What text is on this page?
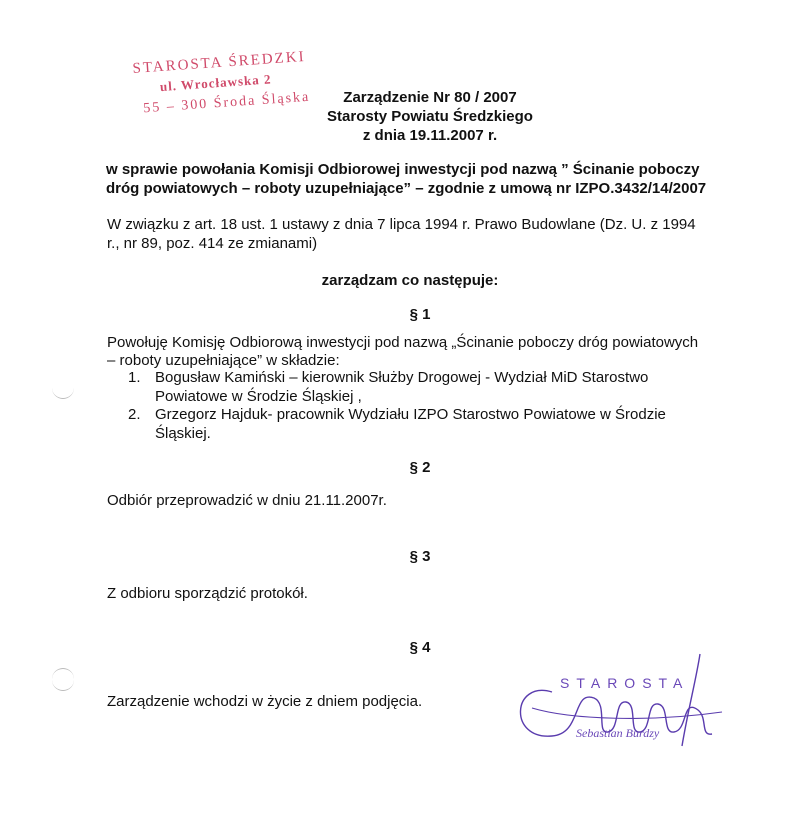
STAROSTA ŚREDZKI
ul. Wrocławska 2
55 – 300 Środa Śląska	Zarządzenie Nr 80 / 2007
Starosty Powiatu Średzkiego
z dnia 19.11.2007 r.
w sprawie powołania Komisji Odbiorowej inwestycji pod nazwą ” Ścinanie poboczy
dróg powiatowych – roboty uzupełniające” – zgodnie z umową nr IZPO.3432/14/2007
W związku z art. 18 ust. 1 ustawy z dnia 7 lipca 1994 r. Prawo Budowlane (Dz. U. z 1994
r., nr 89, poz. 414 ze zmianami)
zarządzam co następuje:
§ 1
Powołuję Komisję Odbiorową inwestycji pod nazwą „Ścinanie poboczy dróg powiatowych
– roboty uzupełniające” w składzie:
1. Bogusław Kamiński – kierownik Służby Drogowej - Wydział MiD Starostwo
Powiatowe w Środzie Śląskiej ,
2. Grzegorz Hajduk- pracownik Wydziału IZPO Starostwo Powiatowe w Środzie
Śląskiej.
§ 2
Odbiór przeprowadzić w dniu 21.11.2007r.
§ 3
Z odbioru sporządzić protokół.
§ 4
Zarządzenie wchodzi w życie z dniem podjęcia.
STAROSTA
Sebastian Burdzy
